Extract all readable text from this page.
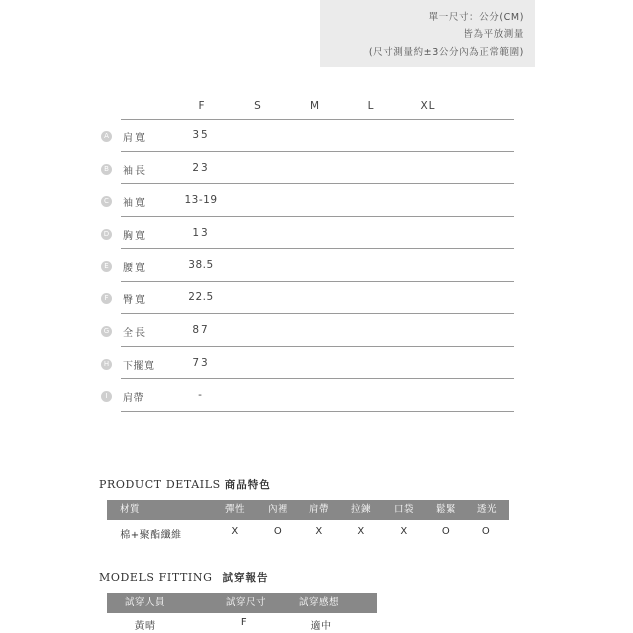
單一尺寸：公分(CM)
皆為平放測量
(尺寸測量約±3公分內為正常範圍)
F	S	M	L	XL
A	肩寬	35
B	袖長	23
C	袖寬	13-19
D 胸寬	13
E	腰寬	38.5
F	臀寬	22.5
G 全長	87
H 下擺寬	73
I	肩帶	-
PRODUCT DETAILS 商品特色
材質	彈性 內裡 肩帶 拉鍊 口袋 鬆緊 透光
棉+聚酯纖維	X	O	X	X	X	O	O
MODELS FITTING 試穿報告
試穿人員	試穿尺寸	試穿感想
黃晴	F	適中
